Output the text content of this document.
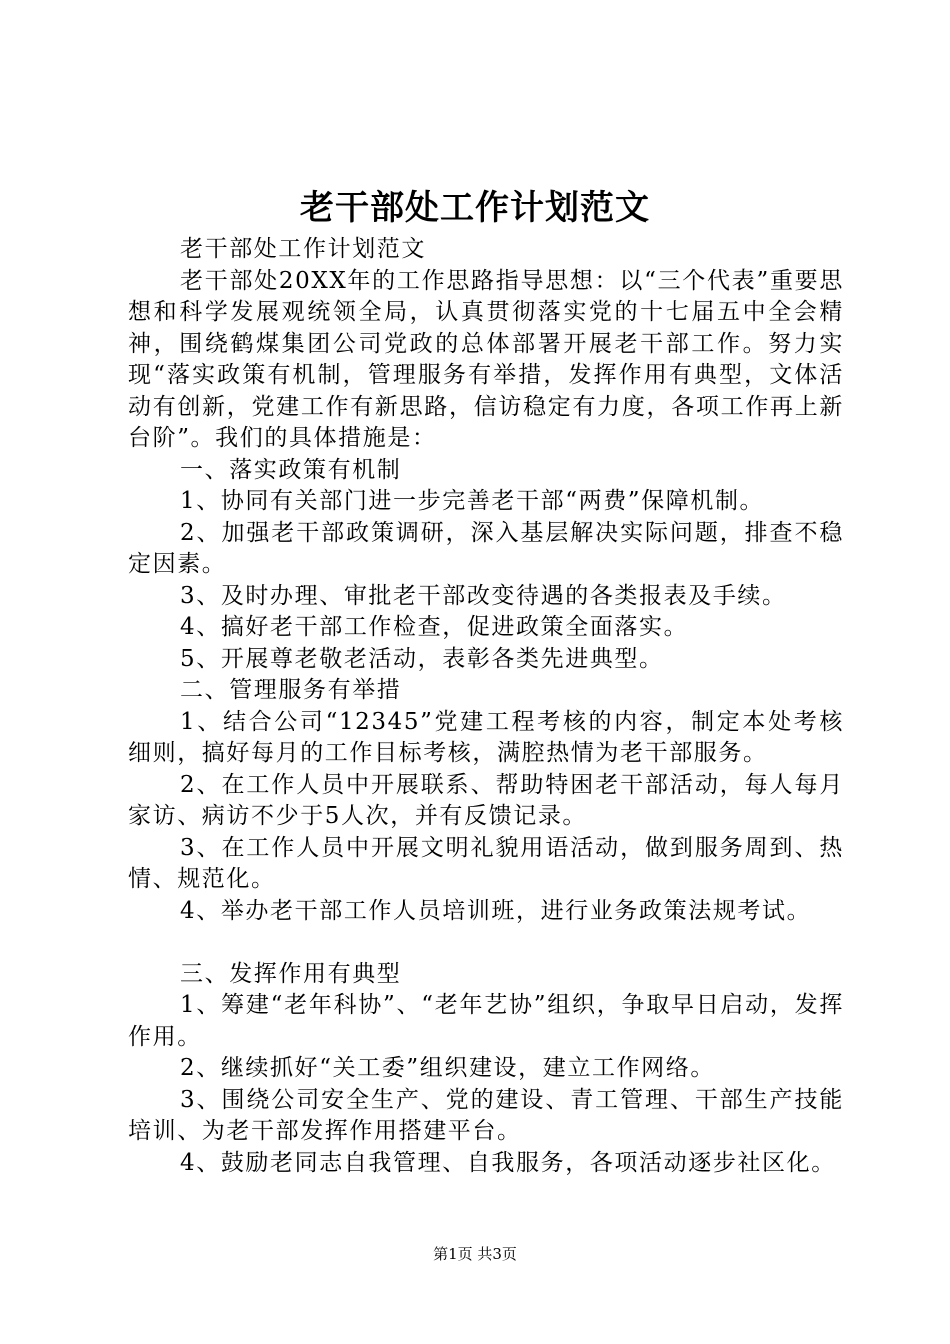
老干部处工作计划范文

老干部处工作计划范文

老干部处20XX年的工作思路指导思想：以“三个代表”重要思想和科学发展观统领全局，认真贯彻落实党的十七届五中全会精神，围绕鹤煤集团公司党政的总体部署开展老干部工作。努力实现“落实政策有机制，管理服务有举措，发挥作用有典型，文体活动有创新，党建工作有新思路，信访稳定有力度，各项工作再上新台阶”。我们的具体措施是：

一、落实政策有机制

1、协同有关部门进一步完善老干部“两费”保障机制。

2、加强老干部政策调研，深入基层解决实际问题，排查不稳定因素。

3、及时办理、审批老干部改变待遇的各类报表及手续。

4、搞好老干部工作检查，促进政策全面落实。

5、开展尊老敬老活动，表彰各类先进典型。

二、管理服务有举措

1、结合公司“12345”党建工程考核的内容，制定本处考核细则，搞好每月的工作目标考核，满腔热情为老干部服务。

2、在工作人员中开展联系、帮助特困老干部活动，每人每月家访、病访不少于5人次，并有反馈记录。

3、在工作人员中开展文明礼貌用语活动，做到服务周到、热情、规范化。

4、举办老干部工作人员培训班，进行业务政策法规考试。

三、发挥作用有典型

1、筹建“老年科协”、“老年艺协”组织，争取早日启动，发挥作用。

2、继续抓好“关工委”组织建设，建立工作网络。

3、围绕公司安全生产、党的建设、青工管理、干部生产技能培训、为老干部发挥作用搭建平台。

4、鼓励老同志自我管理、自我服务，各项活动逐步社区化。

第1页 共3页
